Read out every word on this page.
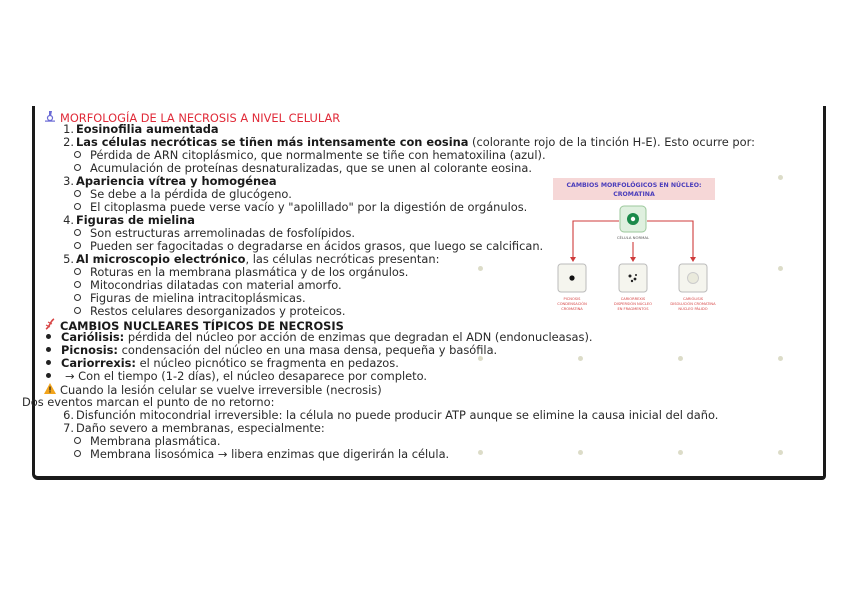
MORFOLOGÍA DE LA NECROSIS A NIVEL CELULAR
1. Eosinofilia aumentada
2. Las células necróticas se tiñen más intensamente con eosina (colorante rojo de la tinción H-E). Esto ocurre por:
Pérdida de ARN citoplásmico, que normalmente se tiñe con hematoxilina (azul).
Acumulación de proteínas desnaturalizadas, que se unen al colorante eosina.
3. Apariencia vítrea y homogénea
Se debe a la pérdida de glucógeno.
El citoplasma puede verse vacío y "apolillado" por la digestión de orgánulos.
4. Figuras de mielina
Son estructuras arremolinadas de fosfolípidos.
Pueden ser fagocitadas o degradarse en ácidos grasos, que luego se calcifican.
5. Al microscopio electrónico, las células necróticas presentan:
Roturas en la membrana plasmática y de los orgánulos.
Mitocondrias dilatadas con material amorfo.
Figuras de mielina intracitoplásmicas.
Restos celulares desorganizados y proteicos.
CAMBIOS NUCLEARES TÍPICOS DE NECROSIS
Cariólisis: pérdida del núcleo por acción de enzimas que degradan el ADN (endonucleasas).
Picnosis: condensación del núcleo en una masa densa, pequeña y basófila.
Cariorrexis: el núcleo picnótico se fragmenta en pedazos.
→ Con el tiempo (1-2 días), el núcleo desaparece por completo.
Cuando la lesión celular se vuelve irreversible (necrosis)
Dos eventos marcan el punto de no retorno:
6. Disfunción mitocondrial irreversible: la célula no puede producir ATP aunque se elimine la causa inicial del daño.
7. Daño severo a membranas, especialmente:
Membrana plasmática.
Membrana lisosómica → libera enzimas que digerirán la célula.
CAMBIOS MORFOLÓGICOS EN NÚCLEO:
CROMATINA
CÉLULA NORMAL
PICNOSIS
CONDENSACIÓN
CROMATINA
CARIORREXIS
DISPERSIÓN NÚCLEO
EN FRAGMENTOS
CARIÓLISIS
DISOLUCIÓN CROMATINA
NÚCLEO PÁLIDO
